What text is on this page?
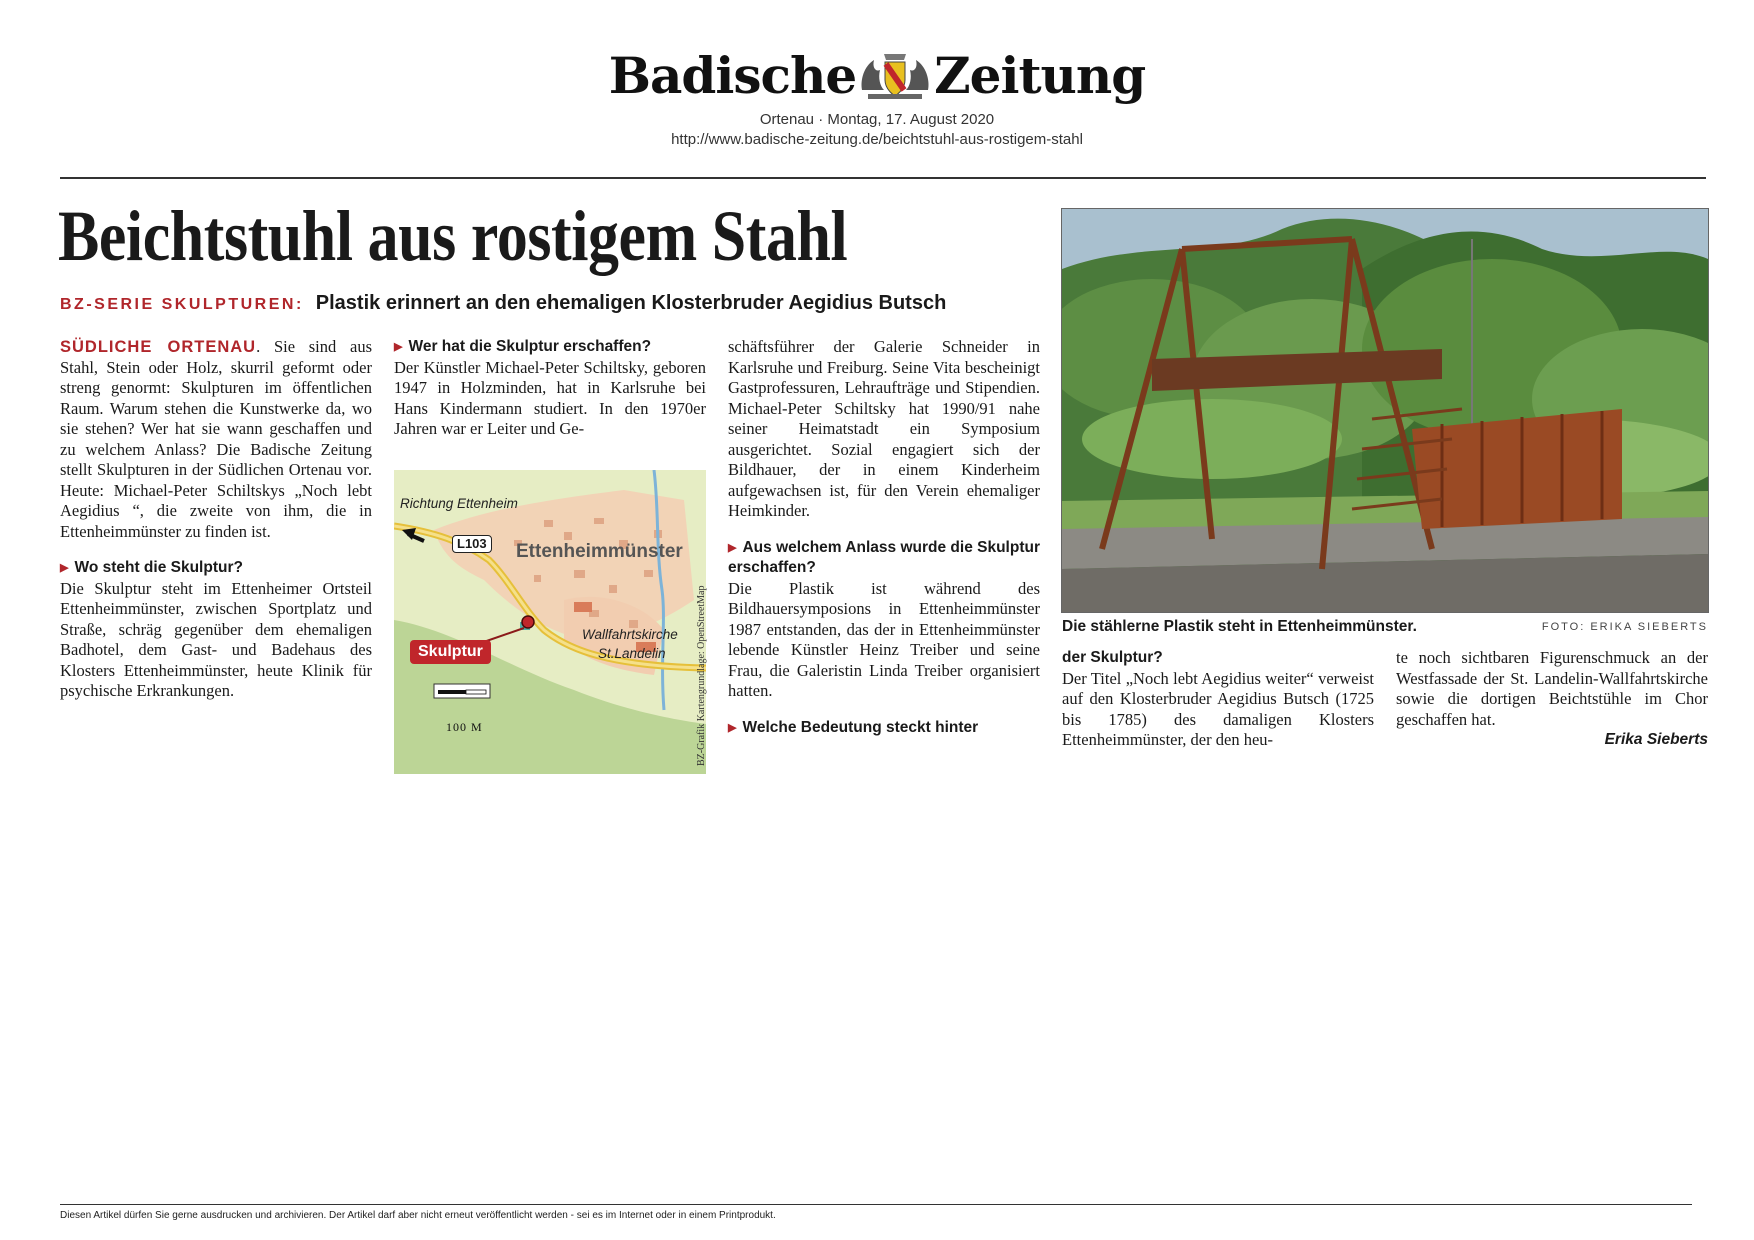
Badische Zeitung
Ortenau · Montag, 17. August 2020
http://www.badische-zeitung.de/beichtstuhl-aus-rostigem-stahl
Beichtstuhl aus rostigem Stahl
BZ-SERIE SKULPTUREN: Plastik erinnert an den ehemaligen Klosterbruder Aegidius Butsch

SÜDLICHE ORTENAU. Sie sind aus Stahl, Stein oder Holz, skurril geformt oder streng genormt: Skulpturen im öffentlichen Raum. Warum stehen die Kunstwerke da, wo sie stehen? Wer hat sie wann geschaffen und zu welchem Anlass? Die Badische Zeitung stellt Skulpturen in der Südlichen Ortenau vor. Heute: Michael-Peter Schiltskys „Noch lebt Aegidius “, die zweite von ihm, die in Ettenheimmünster zu finden ist.

▶ Wo steht die Skulptur?

Die Skulptur steht im Ettenheimer Ortsteil Ettenheimmünster, zwischen Sportplatz und Straße, schräg gegenüber dem ehemaligen Badhotel, dem Gast- und Badehaus des Klosters Ettenheimmünster, heute Klinik für psychische Erkrankungen.

▶ Wer hat die Skulptur erschaffen?

Der Künstler Michael-Peter Schiltsky, geboren 1947 in Holzminden, hat in Karlsruhe bei Hans Kindermann studiert. In den 1970er Jahren war er Leiter und Ge-

Richtung Ettenheim
L103 Ettenheimmünster
Wallfahrtskirche
St.Landelin
Skulptur
100 M	BZ-Grafik Kartengrundlage: OpenStreetMap

schäftsführer der Galerie Schneider in Karlsruhe und Freiburg. Seine Vita bescheinigt Gastprofessuren, Lehraufträge und Stipendien. Michael-Peter Schiltsky hat 1990/91 nahe seiner Heimatstadt ein Symposium ausgerichtet. Sozial engagiert sich der Bildhauer, der in einem Kinderheim aufgewachsen ist, für den Verein ehemaliger Heimkinder.

▶ Aus welchem Anlass wurde die Skulptur erschaffen?

Die Plastik ist während des Bildhauersymposions in Ettenheimmünster 1987 entstanden, das der in Ettenheimmünster lebende Künstler Heinz Treiber und seine Frau, die Galeristin Linda Treiber organisiert hatten.

▶ Welche Bedeutung steckt hinter
Die stählerne Plastik steht in Ettenheimmünster.	FOTO: ERIKA SIEBERTS
der Skulptur?

Der Titel „Noch lebt Aegidius weiter“ verweist auf den Klosterbruder Aegidius Butsch (1725 bis 1785) des damaligen Klosters Ettenheimmünster, der den heu-

te noch sichtbaren Figurenschmuck an der Westfassade der St. Landelin-Wallfahrtskirche sowie die dortigen Beichtstühle im Chor geschaffen hat.

Erika Sieberts
Diesen Artikel dürfen Sie gerne ausdrucken und archivieren. Der Artikel darf aber nicht erneut veröffentlicht werden - sei es im Internet oder in einem Printprodukt.
